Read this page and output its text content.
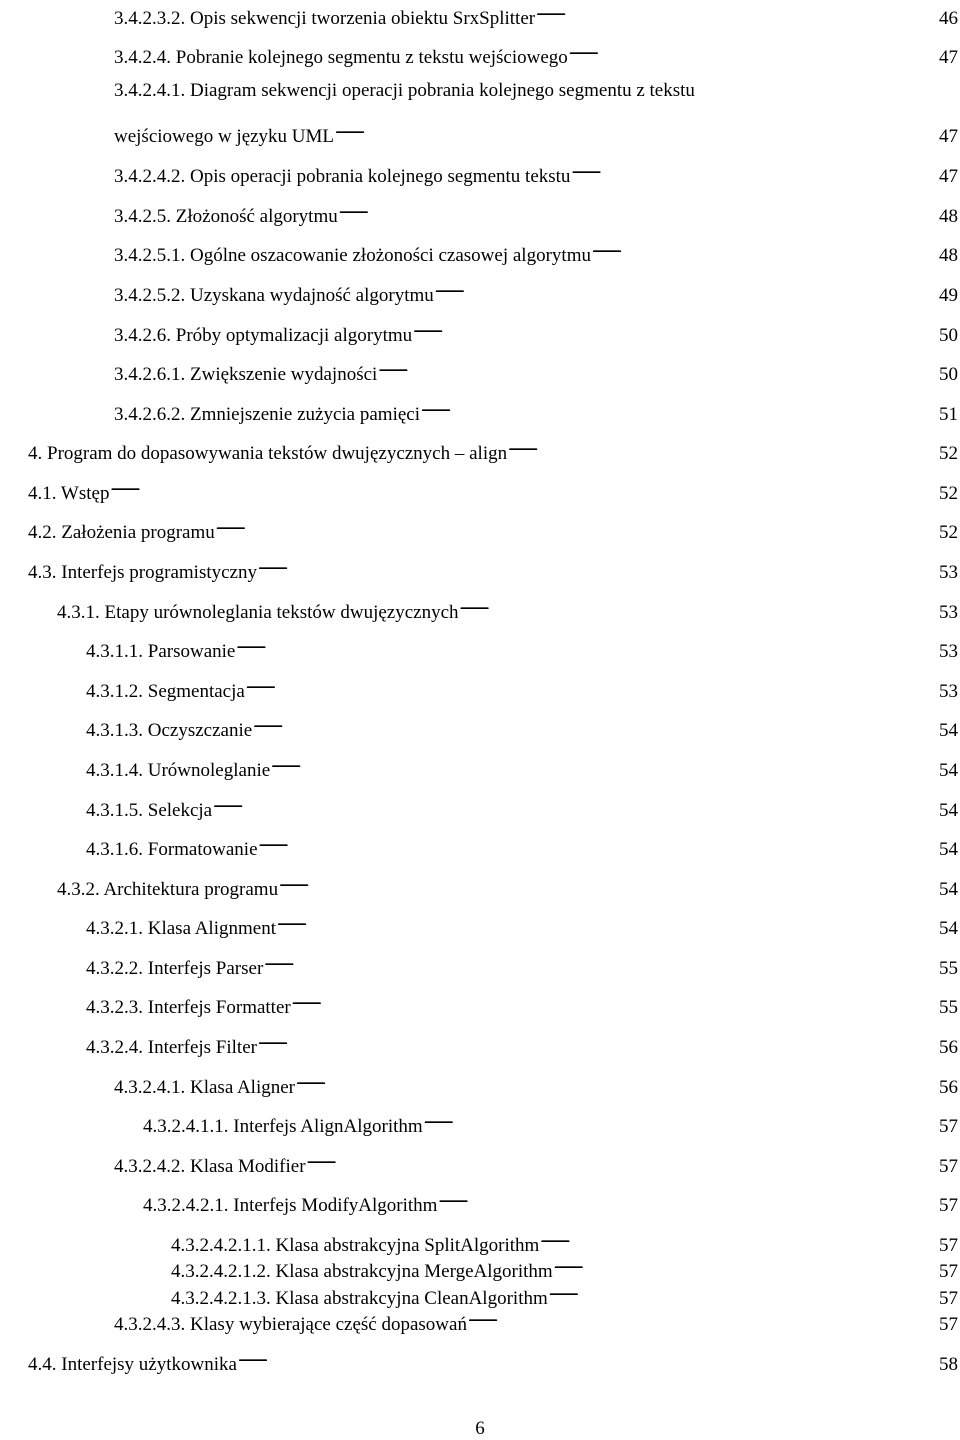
3.4.2.3.2. Opis sekwencji tworzenia obiektu SrxSplitter . . .	46
3.4.2.4. Pobranie kolejnego segmentu z tekstu wejściowego . . .	47
3.4.2.4.1. Diagram sekwencji operacji pobrania kolejnego segmentu z tekstu
wejściowego w języku UML . . .	47
3.4.2.4.2. Opis operacji pobrania kolejnego segmentu tekstu . . .	47
3.4.2.5. Złożoność algorytmu . . .	48
3.4.2.5.1. Ogólne oszacowanie złożoności czasowej algorytmu . . .	48
3.4.2.5.2. Uzyskana wydajność algorytmu . . .	49
3.4.2.6. Próby optymalizacji algorytmu . . .	50
3.4.2.6.1. Zwiększenie wydajności . . .	50
3.4.2.6.2. Zmniejszenie zużycia pamięci . . .	51
4. Program do dopasowywania tekstów dwujęzycznych – align . . .	52
4.1. Wstęp . . .	52
4.2. Założenia programu . . .	52
4.3. Interfejs programistyczny . . .	53
4.3.1. Etapy urównoleglania tekstów dwujęzycznych . . .	53
4.3.1.1. Parsowanie . . .	53
4.3.1.2. Segmentacja . . .	53
4.3.1.3. Oczyszczanie . . .	54
4.3.1.4. Urównoleglanie . . .	54
4.3.1.5. Selekcja . . .	54
4.3.1.6. Formatowanie . . .	54
4.3.2. Architektura programu . . .	54
4.3.2.1. Klasa Alignment . . .	54
4.3.2.2. Interfejs Parser . . .	55
4.3.2.3. Interfejs Formatter . . .	55
4.3.2.4. Interfejs Filter . . .	56
4.3.2.4.1. Klasa Aligner . . .	56
4.3.2.4.1.1. Interfejs AlignAlgorithm . . .	57
4.3.2.4.2. Klasa Modifier . . .	57
4.3.2.4.2.1. Interfejs ModifyAlgorithm . . .	57
4.3.2.4.2.1.1. Klasa abstrakcyjna SplitAlgorithm . . .	57
4.3.2.4.2.1.2. Klasa abstrakcyjna MergeAlgorithm . . .	57
4.3.2.4.2.1.3. Klasa abstrakcyjna CleanAlgorithm . . .	57
4.3.2.4.3. Klasy wybierające część dopasowań . . .	57
4.4. Interfejsy użytkownika . . .	58
6
